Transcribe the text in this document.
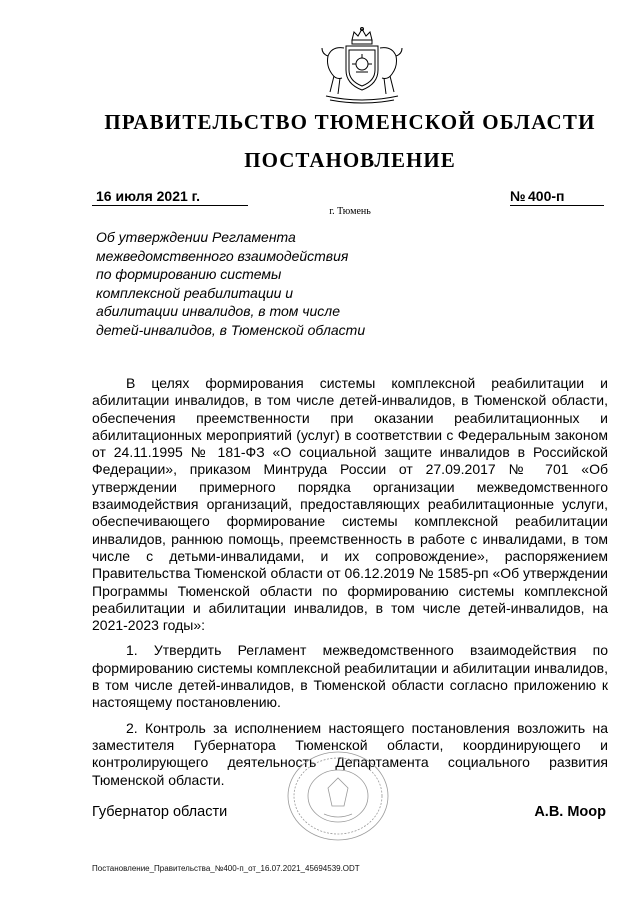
ПРАВИТЕЛЬСТВО ТЮМЕНСКОЙ ОБЛАСТИ
ПОСТАНОВЛЕНИЕ
16 июля 2021 г.
г. Тюмень
№ 400-п
Об утверждении Регламента
межведомственного взаимодействия
по формированию системы
комплексной реабилитации и
абилитации инвалидов, в том числе
детей-инвалидов, в Тюменской области

В целях формирования системы комплексной реабилитации и абилитации инвалидов, в том числе детей-инвалидов, в Тюменской области, обеспечения преемственности при оказании реабилитационных и абилитационных мероприятий (услуг) в соответствии с Федеральным законом от 24.11.1995 № 181-ФЗ «О социальной защите инвалидов в Российской Федерации», приказом Минтруда России от 27.09.2017 № 701 «Об утверждении примерного порядка организации межведомственного взаимодействия организаций, предоставляющих реабилитационные услуги, обеспечивающего формирование системы комплексной реабилитации инвалидов, раннюю помощь, преемственность в работе с инвалидами, в том числе с детьми-инвалидами, и их сопровождение», распоряжением Правительства Тюменской области от 06.12.2019 № 1585-рп «Об утверждении Программы Тюменской области по формированию системы комплексной реабилитации и абилитации инвалидов, в том числе детей-инвалидов, на 2021-2023 годы»:

1. Утвердить Регламент межведомственного взаимодействия по формированию системы комплексной реабилитации и абилитации инвалидов, в том числе детей-инвалидов, в Тюменской области согласно приложению к настоящему постановлению.

2. Контроль за исполнением настоящего постановления возложить на заместителя Губернатора Тюменской области, координирующего и контролирующего деятельность Департамента социального развития Тюменской области.

Губернатор области	А.В. Моор
Постановление_Правительства_№400-п_от_16.07.2021_45694539.ODT
